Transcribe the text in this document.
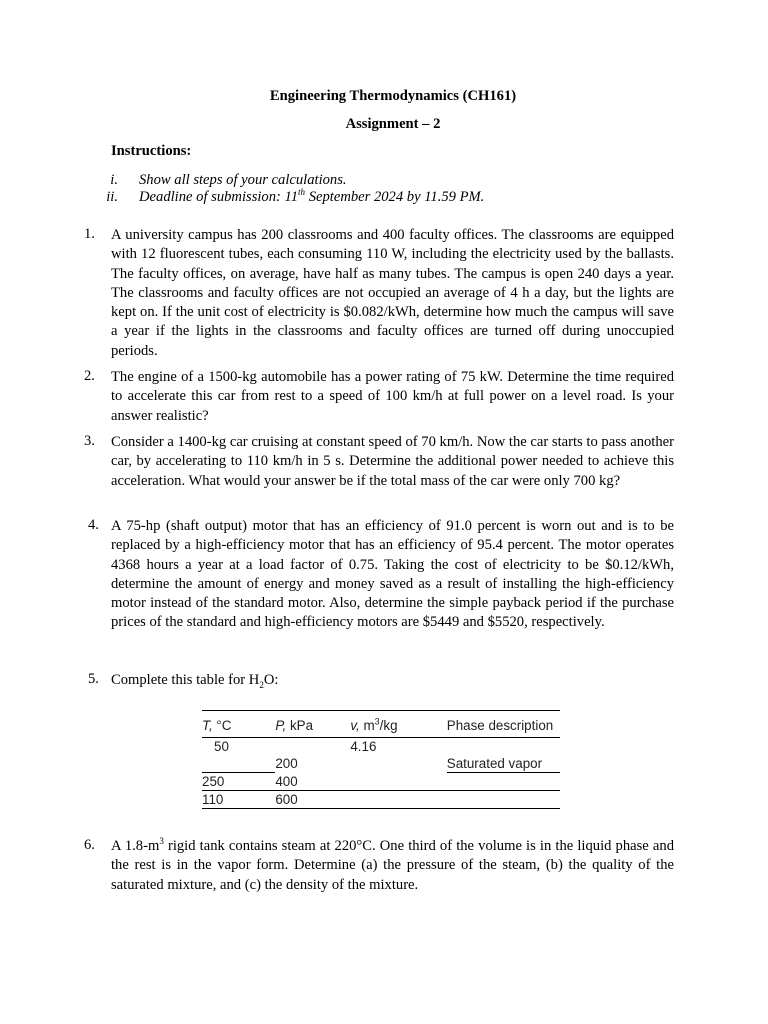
Engineering Thermodynamics (CH161)
Assignment – 2
Instructions:
i. Show all steps of your calculations.
ii. Deadline of submission: 11th September 2024 by 11.59 PM.
1. A university campus has 200 classrooms and 400 faculty offices. The classrooms are equipped with 12 fluorescent tubes, each consuming 110 W, including the electricity used by the ballasts. The faculty offices, on average, have half as many tubes. The campus is open 240 days a year. The classrooms and faculty offices are not occupied an average of 4 h a day, but the lights are kept on. If the unit cost of electricity is $0.082/kWh, determine how much the campus will save a year if the lights in the classrooms and faculty offices are turned off during unoccupied periods.
2. The engine of a 1500-kg automobile has a power rating of 75 kW. Determine the time required to accelerate this car from rest to a speed of 100 km/h at full power on a level road. Is your answer realistic?
3. Consider a 1400-kg car cruising at constant speed of 70 km/h. Now the car starts to pass another car, by accelerating to 110 km/h in 5 s. Determine the additional power needed to achieve this acceleration. What would your answer be if the total mass of the car were only 700 kg?
4. A 75-hp (shaft output) motor that has an efficiency of 91.0 percent is worn out and is to be replaced by a high-efficiency motor that has an efficiency of 95.4 percent. The motor operates 4368 hours a year at a load factor of 0.75. Taking the cost of electricity to be $0.12/kWh, determine the amount of energy and money saved as a result of installing the high-efficiency motor instead of the standard motor. Also, determine the simple payback period if the purchase prices of the standard and high-efficiency motors are $5449 and $5520, respectively.
5. Complete this table for $H_2O$:
T, °C	P, kPa	v, $m^3/kg$	Phase description
50		4.16	
	200		Saturated vapor
250	400		
110	600		
6. A $1.8-m^3$ rigid tank contains steam at 220°C. One third of the volume is in the liquid phase and the rest is in the vapor form. Determine (a) the pressure of the steam, (b) the quality of the saturated mixture, and (c) the density of the mixture.
